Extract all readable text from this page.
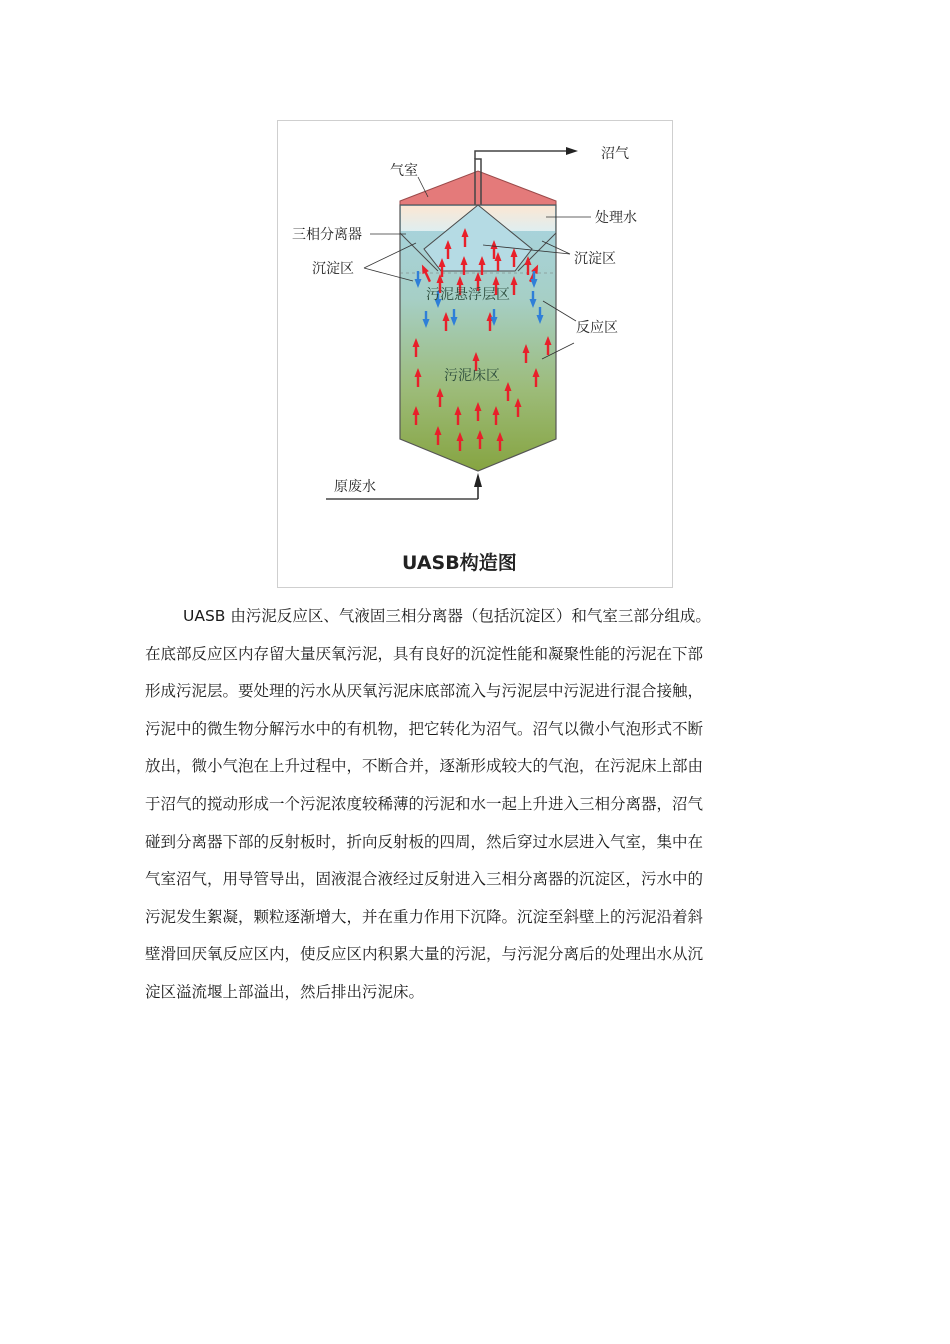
沼气
气室
处理水
三相分离器
沉淀区
沉淀区
污泥悬浮层区
反应区
污泥床区
原废水
UASB构造图
UASB 由污泥反应区、气液固三相分离器（包括沉淀区）和气室三部分组成。
在底部反应区内存留大量厌氧污泥，具有良好的沉淀性能和凝聚性能的污泥在下部
形成污泥层。要处理的污水从厌氧污泥床底部流入与污泥层中污泥进行混合接触，
污泥中的微生物分解污水中的有机物，把它转化为沼气。沼气以微小气泡形式不断
放出，微小气泡在上升过程中，不断合并，逐渐形成较大的气泡，在污泥床上部由
于沼气的搅动形成一个污泥浓度较稀薄的污泥和水一起上升进入三相分离器，沼气
碰到分离器下部的反射板时，折向反射板的四周，然后穿过水层进入气室，集中在
气室沼气，用导管导出，固液混合液经过反射进入三相分离器的沉淀区，污水中的
污泥发生絮凝，颗粒逐渐增大，并在重力作用下沉降。沉淀至斜壁上的污泥沿着斜
壁滑回厌氧反应区内，使反应区内积累大量的污泥，与污泥分离后的处理出水从沉
淀区溢流堰上部溢出，然后排出污泥床。
